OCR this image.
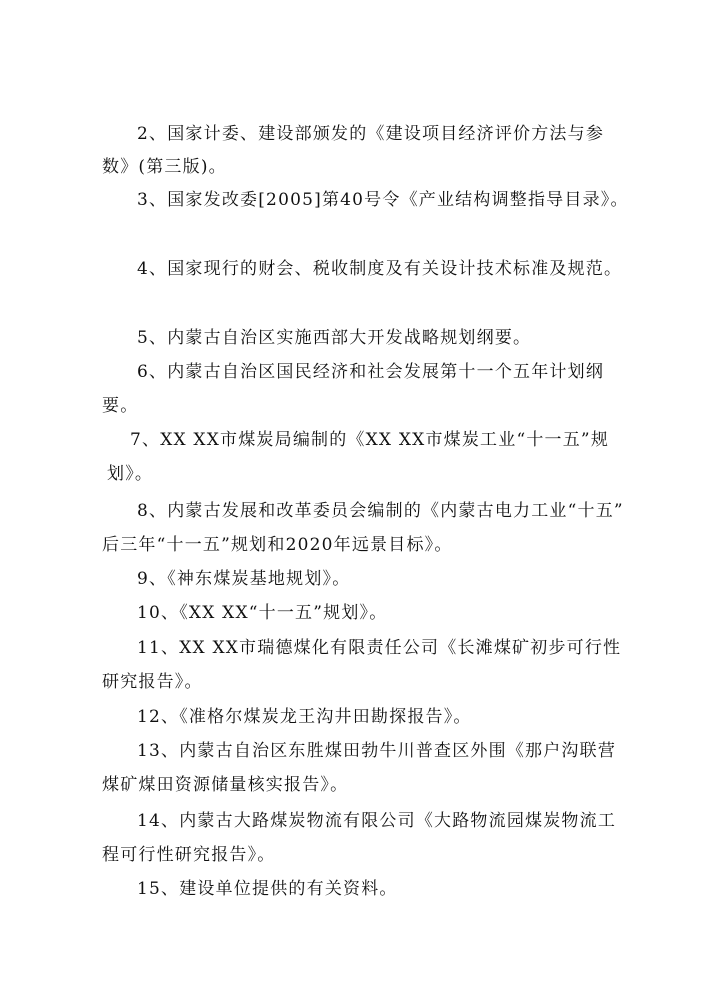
2、国家计委、建设部颁发的《建设项目经济评价方法与参
数》(第三版)。
3、国家发改委[2005]第40号令《产业结构调整指导目录》。
4、国家现行的财会、税收制度及有关设计技术标准及规范。
5、内蒙古自治区实施西部大开发战略规划纲要。
6、内蒙古自治区国民经济和社会发展第十一个五年计划纲
要。
7、XX XX市煤炭局编制的《XX XX市煤炭工业“十一五”规
划》。
8、内蒙古发展和改革委员会编制的《内蒙古电力工业“十五”
后三年“十一五”规划和2020年远景目标》。
9、《神东煤炭基地规划》。
10、《XX XX“十一五”规划》。
11、XX XX市瑞德煤化有限责任公司《长滩煤矿初步可行性
研究报告》。
12、《准格尔煤炭龙王沟井田勘探报告》。
13、内蒙古自治区东胜煤田勃牛川普查区外围《那户沟联营
煤矿煤田资源储量核实报告》。
14、内蒙古大路煤炭物流有限公司《大路物流园煤炭物流工
程可行性研究报告》。
15、建设单位提供的有关资料。
